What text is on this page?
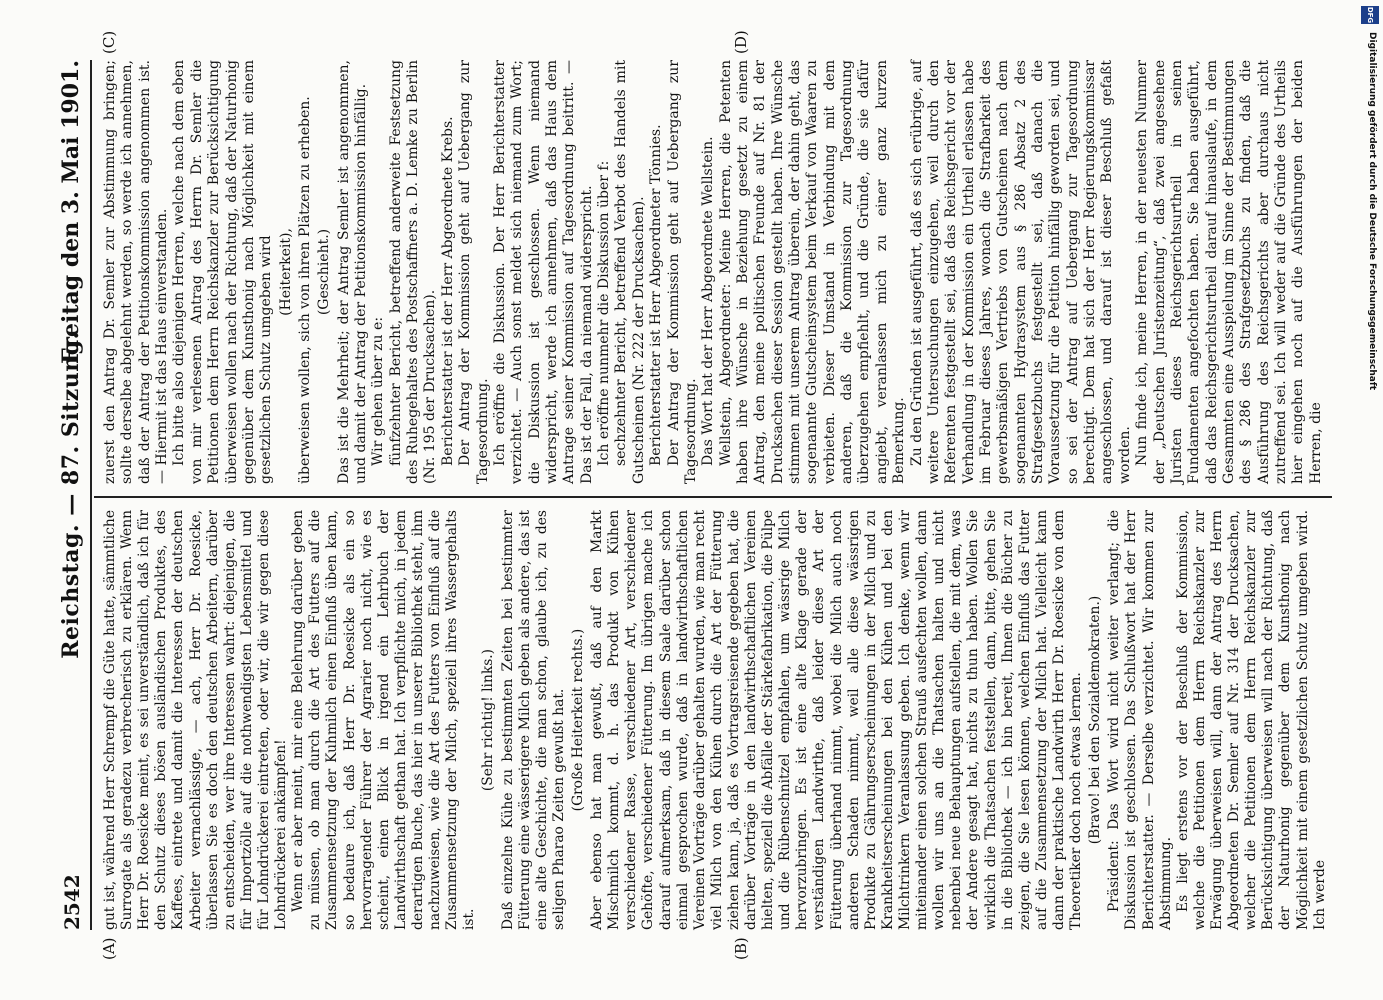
2542
Reichstag. — 87. Sitzung.
Freitag den 3. Mai 1901.
(A)	(B)
(C)	(D)

gut ist, während Herr Schrempf die Güte hatte, sämmtliche Surrogate als geradezu verbrecherisch zu erklären. Wenn Herr Dr. Roesicke meint, es sei unverständlich, daß ich für den Schutz dieses bösen ausländischen Produktes, des Kaffees, eintrete und damit die Interessen der deutschen Arbeiter vernachlässige, — ach, Herr Dr. Roesicke, überlassen Sie es doch den deutschen Arbeitern, darüber zu entscheiden, wer ihre Interessen wahrt: diejenigen, die für Importzölle auf die nothwendigsten Lebensmittel und für Lohndrückerei eintreten, oder wir, die wir gegen diese Lohndrückerei ankämpfen! Wenn er aber meint, mir eine Belehrung darüber geben zu müssen, ob man durch die Art des Futters auf die Zusammensetzung der Kuhmilch einen Einfluß üben kann, so bedaure ich, daß Herr Dr. Roesicke als ein so hervorragender Führer der Agrarier noch nicht, wie es scheint, einen Blick in irgend ein Lehrbuch der Landwirthschaft gethan hat. Ich verpflichte mich, in jedem derartigen Buche, das hier in unserer Bibliothek steht, ihm nachzuweisen, wie die Art des Futters von Einfluß auf die Zusammensetzung der Milch, speziell ihres Wassergehalts ist.

(Sehr richtig! links.) Daß einzelne Kühe zu bestimmten Zeiten bei bestimmter Fütterung eine wässerigere Milch geben als andere, das ist eine alte Geschichte, die man schon, glaube ich, zu des seligen Pharao Zeiten gewußt hat. (Große Heiterkeit rechts.) Aber ebenso hat man gewußt, daß auf den Markt Mischmilch kommt, d. h. das Produkt von Kühen verschiedener Rasse, verschiedener Art, verschiedener Gehöfte, verschiedener Fütterung. Im übrigen mache ich darauf aufmerksam, daß in diesem Saale darüber schon einmal gesprochen wurde, daß in landwirthschaftlichen Vereinen Vorträge darüber gehalten wurden, wie man recht viel Milch von den Kühen durch die Art der Fütterung ziehen kann, ja, daß es Vortragsreisende gegeben hat, die darüber Vorträge in den landwirthschaftlichen Vereinen hielten, speziell die Abfälle der Stärkefabrikation, die Pülpe und die Rübenschnitzel empfahlen, um wässrige Milch hervorzubringen. Es ist eine alte Klage gerade der verständigen Landwirthe, daß leider diese Art der Fütterung überhand nimmt, wobei die Milch auch noch anderen Schaden nimmt, weil alle diese wässrigen Produkte zu Gährungserscheinungen in der Milch und zu Krankheitserscheinungen bei den Kühen und bei den Milchtrinkern Veranlassung geben. Ich denke, wenn wir miteinander einen solchen Strauß ausfechten wollen, dann wollen wir uns an die Thatsachen halten und nicht nebenbei neue Behauptungen aufstellen, die mit dem, was der Andere gesagt hat, nichts zu thun haben. Wollen Sie wirklich die Thatsachen feststellen, dann, bitte, gehen Sie in die Bibliothek — ich bin bereit, Ihnen die Bücher zu zeigen, die Sie lesen können, welchen Einfluß das Futter auf die Zusammensetzung der Milch hat. Vielleicht kann dann der praktische Landwirth Herr Dr. Roesicke von dem Theoretiker doch noch etwas lernen. (Bravo! bei den Sozialdemokraten.) Präsident: Das Wort wird nicht weiter verlangt; die Diskussion ist geschlossen. Das Schlußwort hat der Herr Berichterstatter. — Derselbe verzichtet. Wir kommen zur Abstimmung. Es liegt erstens vor der Beschluß der Kommission, welche die Petitionen dem Herrn Reichskanzler zur Erwägung überweisen will, dann der Antrag des Herrn Abgeordneten Dr. Semler auf Nr. 314 der Drucksachen, welcher die Petitionen dem Herrn Reichskanzler zur Berücksichtigung überweisen will nach der Richtung, daß der Naturhonig gegenüber dem Kunsthonig nach Möglichkeit mit einem gesetzlichen Schutz umgeben wird. Ich werde

zuerst den Antrag Dr. Semler zur Abstimmung bringen; sollte derselbe abgelehnt werden, so werde ich annehmen, daß der Antrag der Petitionskommission angenommen ist. — Hiermit ist das Haus einverstanden. Ich bitte also diejenigen Herren, welche nach dem eben von mir verlesenen Antrag des Herrn Dr. Semler die Petitionen dem Herrn Reichskanzler zur Berücksichtigung überweisen wollen nach der Richtung, daß der Naturhonig gegenüber dem Kunsthonig nach Möglichkeit mit einem gesetzlichen Schutz umgeben wird (Heiterkeit), überweisen wollen, sich von ihren Plätzen zu erheben. (Geschieht.) Das ist die Mehrheit; der Antrag Semler ist angenommen, und damit der Antrag der Petitionskommission hinfällig. Wir gehen über zu e: fünfzehnter Bericht, betreffend anderweite Festsetzung des Ruhegehaltes des Postschaffners a. D. Lemke zu Berlin (Nr. 195 der Drucksachen). Berichterstatter ist der Herr Abgeordnete Krebs. Der Antrag der Kommission geht auf Uebergang zur Tagesordnung. Ich eröffne die Diskussion. Der Herr Berichterstatter verzichtet. — Auch sonst meldet sich niemand zum Wort; die Diskussion ist geschlossen. Wenn niemand widerspricht, werde ich annehmen, daß das Haus dem Antrage seiner Kommission auf Tagesordnung beitritt. — Das ist der Fall, da niemand widerspricht. Ich eröffne nunmehr die Diskussion über f: sechzehnter Bericht, betreffend Verbot des Handels mit Gutscheinen (Nr. 222 der Drucksachen). Berichterstatter ist Herr Abgeordneter Tönnies. Der Antrag der Kommission geht auf Uebergang zur Tagesordnung. Das Wort hat der Herr Abgeordnete Wellstein. Wellstein, Abgeordneter: Meine Herren, die Petenten haben ihre Wünsche in Beziehung gesetzt zu einem Antrag, den meine politischen Freunde auf Nr. 81 der Drucksachen dieser Session gestellt haben. Ihre Wünsche stimmen mit unserem Antrag überein, der dahin geht, das sogenannte Gutscheinsystem beim Verkauf von Waaren zu verbieten. Dieser Umstand in Verbindung mit dem anderen, daß die Kommission zur Tagesordnung überzugehen empfiehlt, und die Gründe, die sie dafür angiebt, veranlassen mich zu einer ganz kurzen Bemerkung. Zu den Gründen ist ausgeführt, daß es sich erübrige, auf weitere Untersuchungen einzugehen, weil durch den Referenten festgestellt sei, daß das Reichsgericht vor der Verhandlung in der Kommission ein Urtheil erlassen habe im Februar dieses Jahres, wonach die Strafbarkeit des gewerbsmäßigen Vertriebs von Gutscheinen nach dem sogenannten Hydrasystem aus § 286 Absatz 2 des Strafgesetzbuchs festgestellt sei, daß danach die Voraussetzung für die Petition hinfällig geworden sei, und so sei der Antrag auf Uebergang zur Tagesordnung berechtigt. Dem hat sich der Herr Regierungskommissar angeschlossen, und darauf ist dieser Beschluß gefaßt worden. Nun finde ich, meine Herren, in der neuesten Nummer der „Deutschen Juristenzeitung“, daß zwei angesehene Juristen dieses Reichsgerichtsurtheil in seinen Fundamenten angefochten haben. Sie haben ausgeführt, daß das Reichsgerichtsurtheil darauf hinauslaufe, in dem Gesammten eine Ausspielung im Sinne der Bestimmungen des § 286 des Strafgesetzbuchs zu finden, daß die Ausführung des Reichsgerichts aber durchaus nicht zutreffend sei. Ich will weder auf die Gründe des Urtheils hier eingehen noch auf die Ausführungen der beiden Herren, die

DFG
Digitalisierung gefördert durch die Deutsche Forschungsgemeinschaft
